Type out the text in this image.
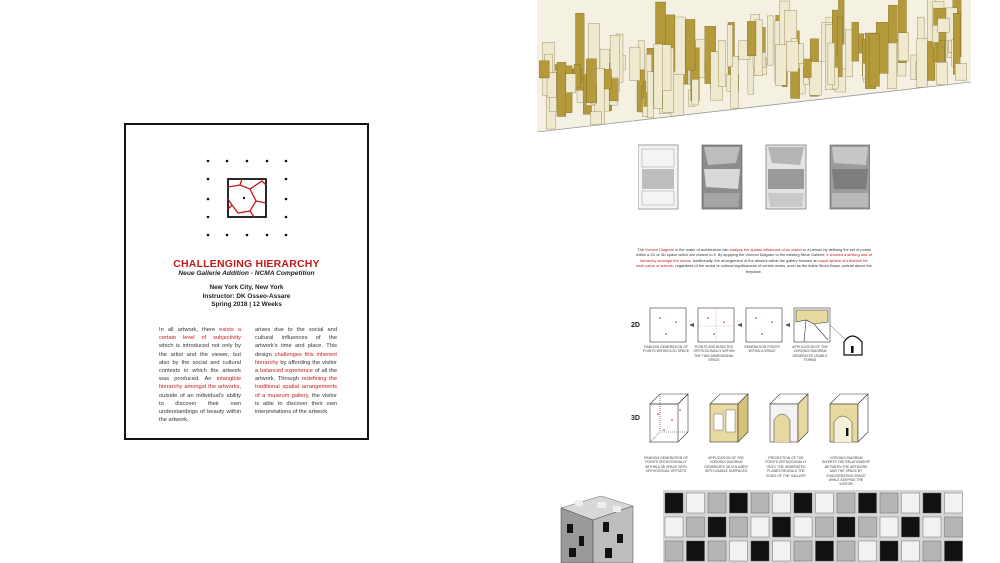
CHALLENGING HIERARCHY
Neue Gallerie Addition - NCMA Competition
New York City, New York
Instructor: DK Osseo-Assare
Spring 2018 | 12 Weeks
In all artwork, there exists a certain level of subjectivity which is introduced not only by the artist and the viewer, but also by the social and cultural contexts in which the artwork was produced. An intangible hierarchy amongst the artworks, outside of an individual's ability to discover their own understandings of beauty within the artwork,
arises due to the social and cultural influences of the artwork's time and place. This design challenges this inherent hierarchy by affording the visitor a balanced experience of all the artwork. Through redefining the traditional spatial arrangements of a museum gallery, the visitor is able to discover their own interpretations of the artwork.
The Voronoi Diagram in the realm of architecture can analyze the spatial influences of an object or a person by defining the set of points within a 2D or 3D space which are closest to it. By applying the Voronoi Diagram to the existing Neue Gallerie, it showed a striking lack of hierarchy amongst the rooms. Additionally, the arrangement of the artwork within the gallery showed an equal sphere of influence for each piece of artwork, regardless of the social or cultural significances of certain works, such as the Adele Bloch-Bauer portrait above the fireplace.
2D
RANDOM GENERATION OF POINTS WITHIN A 2D SPACE
POINTS ARE BISECTED ORTHOGONALLY WITHIN THE TWO-DIMENSIONAL SPACE
GENERATION POINTS WITHIN A SPACE
APPLICATION OF THE VORONOI DIAGRAM GENERATES USABLE FORMS
3D
RANDOM GENERATION OF POINTS ORTHOGONALLY WITHIN A 3D SPACE WITH ORTHOGONAL OFFSETS
APPLICATION OF THE VORONOI DIAGRAM GENERATES 3D VOLUMES WITH USABLE SURFACES
PROJECTION OF THE POINTS ORTHOGONALLY ONTO THE GENERATED PLANES REVEALS THE VOIDS OF THE GALLERY
VORONOI DIAGRAM INVERTS THE RELATIONSHIP BETWEEN THE ARTWORK AND THE SPACE BY EXAGGERATING SPACE WHILE KEEPING THE VISITOR
